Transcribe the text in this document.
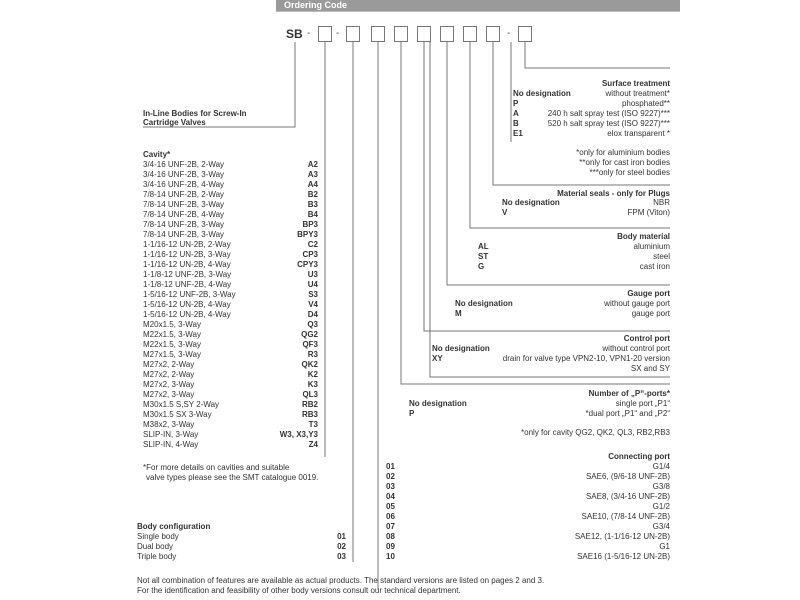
Ordering Code
SB -	-	-
In-Line Bodies for Screw-In
Cartridge Valves
Cavity*
3/4-16 UNF-2B, 2-Way	A2
3/4-16 UNF-2B, 3-Way	A3
3/4-16 UNF-2B, 4-Way	A4
7/8-14 UNF-2B, 2-Way	B2
7/8-14 UNF-2B, 3-Way	B3
7/8-14 UNF-2B, 4-Way	B4
7/8-14 UNF-2B, 3-Way	BP3
7/8-14 UNF-2B, 3-Way	BPY3
1-1/16-12 UN-2B, 2-Way	C2
1-1/16-12 UN-2B, 3-Way	CP3
1-1/16-12 UN-2B, 4-Way	CPY3
1-1/8-12 UNF-2B, 3-Way	U3
1-1/8-12 UNF-2B, 4-Way	U4
1-5/16-12 UNF-2B, 3-Way	S3
1-5/16-12 UN-2B, 4-Way	V4
1-5/16-12 UN-2B, 4-Way	D4
M20x1.5, 3-Way	Q3
M22x1.5, 3-Way	QG2
M22x1.5, 3-Way	QF3
M27x1.5, 3-Way	R3
M27x2, 2-Way	QK2
M27x2, 2-Way	K2
M27x2, 3-Way	K3
M27x2, 3-Way	QL3
M30x1.5 S,SY 2-Way	RB2
M30x1.5 SX 3-Way	RB3
M38x2, 3-Way	T3
SLIP-IN, 3-Way	W3, X3,Y3
SLIP-IN, 4-Way	Z4
*For more details on cavities and suitable
valve types please see the SMT catalogue 0019.
Body configuration
Single body	01
Dual body	02
Triple body	03
Surface treatment
No designation	without treatment*
P	phosphated**
A	240 h salt spray test (ISO 9227)***
B	520 h salt spray test (ISO 9227)***
E1	elox transparent *
*only for aluminium bodies
**only for cast iron bodies
***only for steel bodies
Material seals - only for Plugs
No designation	NBR
V	FPM (Viton)
Body material
AL	aluminium
ST	steel
G	cast iron
Gauge port
No designation	without gauge port
M	gauge port
Control port
No designation	without control port
XY	drain for valve type VPN2-10, VPN1-20 version
SX and SY
Number of „P“-ports*
No designation	single port „P1“
P	*dual port „P1“ and „P2“
*only for cavity QG2, QK2, QL3, RB2,RB3
Connecting port
01	G1/4
02	SAE6, (9/6-18 UNF-2B)
03	G3/8
04	SAE8, (3/4-16 UNF-2B)
05	G1/2
06	SAE10, (7/8-14 UNF-2B)
07	G3/4
08	SAE12, (1-1/16-12 UN-2B)
09	G1
10	SAE16 (1-5/16-12 UN-2B)
Not all combination of features are available as actual products. The standard versions are listed on pages 2 and 3.
For the identification and feasibility of other body versions consult our technical department.
